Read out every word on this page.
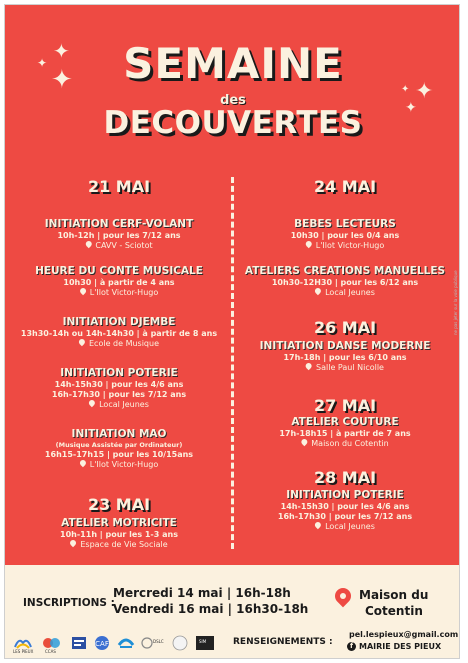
✦
✦
✦	✦
✦
✦
SEMAINE
des
DECOUVERTES
21 MAI
INITIATION CERF-VOLANT
10h-12h | pour les 7/12 ans
CAVV - Sciotot
HEURE DU CONTE MUSICALE
10h30 | à partir de 4 ans
L'Ilot Victor-Hugo
INITIATION DJEMBE
13h30-14h ou 14h-14h30 | à partir de 8 ans
Ecole de Musique
INITIATION POTERIE
14h-15h30 | pour les 4/6 ans
16h-17h30 | pour les 7/12 ans
Local Jeunes
INITIATION MAO
(Musique Assistée par Ordinateur)
16h15-17h15 | pour les 10/15ans
L'Ilot Victor-Hugo
23 MAI
ATELIER MOTRICITE
10h-11h | pour les 1-3 ans
Espace de Vie Sociale
24 MAI
BEBES LECTEURS
10h30 | pour les 0/4 ans
L'Ilot Victor-Hugo
ATELIERS CREATIONS MANUELLES
10h30-12H30 | pour les 6/12 ans
Local Jeunes
26 MAI
INITIATION DANSE MODERNE
17h-18h | pour les 6/10 ans
Salle Paul Nicolle
27 MAI
ATELIER COUTURE
17h-18h15 | à partir de 7 ans
Maison du Cotentin
28 MAI
INITIATION POTERIE
14h-15h30 | pour les 4/6 ans
16h-17h30 | pour les 7/12 ans
Local Jeunes
ne pas jeter sur la voie publique
INSCRIPTIONS :
Mercredi 14 mai | 16h-18h
Vendredi 16 mai | 16h30-18h
Maison du
Cotentin
RENSEIGNEMENTS :
pel.lespieux@gmail.com
f MAIRIE DES PIEUX
LES PIEUX	CCAS
CAF	DSLC	SIM
